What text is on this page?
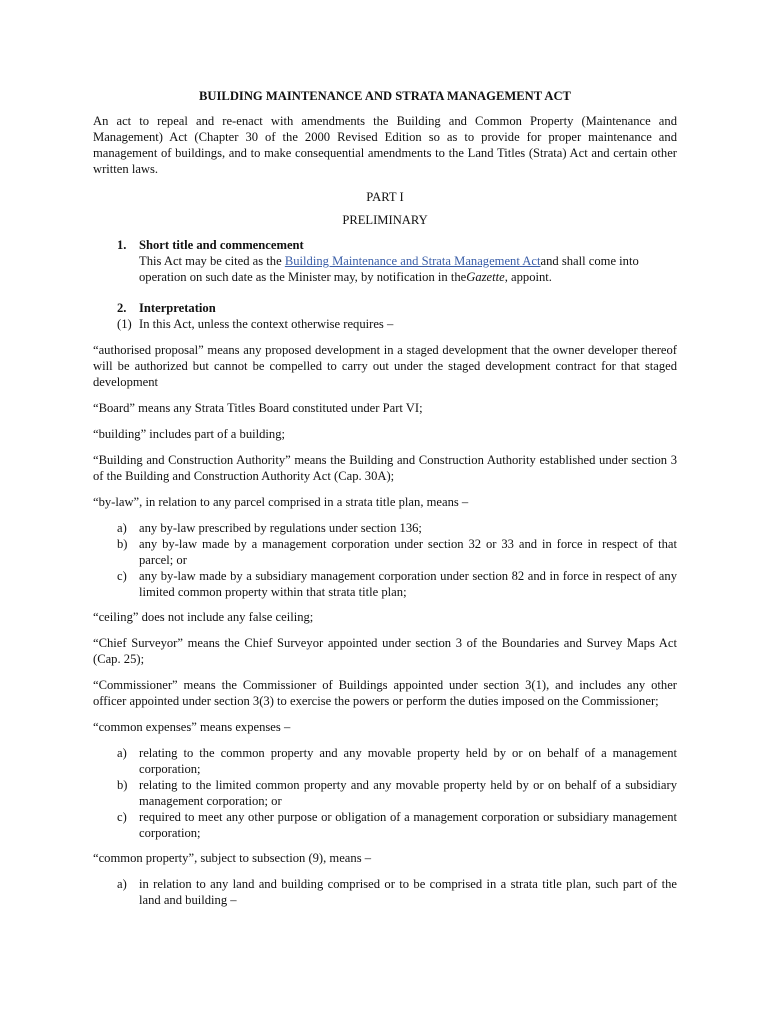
BUILDING MAINTENANCE AND STRATA MANAGEMENT ACT

An act to repeal and re-enact with amendments the Building and Common Property (Maintenance and Management) Act (Chapter 30 of the 2000 Revised Edition so as to provide for proper maintenance and management of buildings, and to make consequential amendments to the Land Titles (Strata) Act and certain other written laws.

PART I

PRELIMINARY

1. Short title and commencement
This Act may be cited as the Building Maintenance and Strata Management Actand shall come into operation on such date as the Minister may, by notification in theGazette, appoint.
2. Interpretation
(1) In this Act, unless the context otherwise requires –

“authorised proposal” means any proposed development in a staged development that the owner developer thereof will be authorized but cannot be compelled to carry out under the staged development contract for that staged development

“Board” means any Strata Titles Board constituted under Part VI;

“building” includes part of a building;

“Building and Construction Authority” means the Building and Construction Authority established under section 3 of the Building and Construction Authority Act (Cap. 30A);

“by-law”, in relation to any parcel comprised in a strata title plan, means –

a) any by-law prescribed by regulations under section 136;
b) any by-law made by a management corporation under section 32 or 33 and in force in respect of that parcel; or
c) any by-law made by a subsidiary management corporation under section 82 and in force in respect of any limited common property within that strata title plan;

“ceiling” does not include any false ceiling;

“Chief Surveyor” means the Chief Surveyor appointed under section 3 of the Boundaries and Survey Maps Act (Cap. 25);

“Commissioner” means the Commissioner of Buildings appointed under section 3(1), and includes any other officer appointed under section 3(3) to exercise the powers or perform the duties imposed on the Commissioner;

“common expenses” means expenses –

a) relating to the common property and any movable property held by or on behalf of a management corporation;
b) relating to the limited common property and any movable property held by or on behalf of a subsidiary management corporation; or
c) required to meet any other purpose or obligation of a management corporation or subsidiary management corporation;

“common property”, subject to subsection (9), means –

a) in relation to any land and building comprised or to be comprised in a strata title plan, such part of the land and building –
